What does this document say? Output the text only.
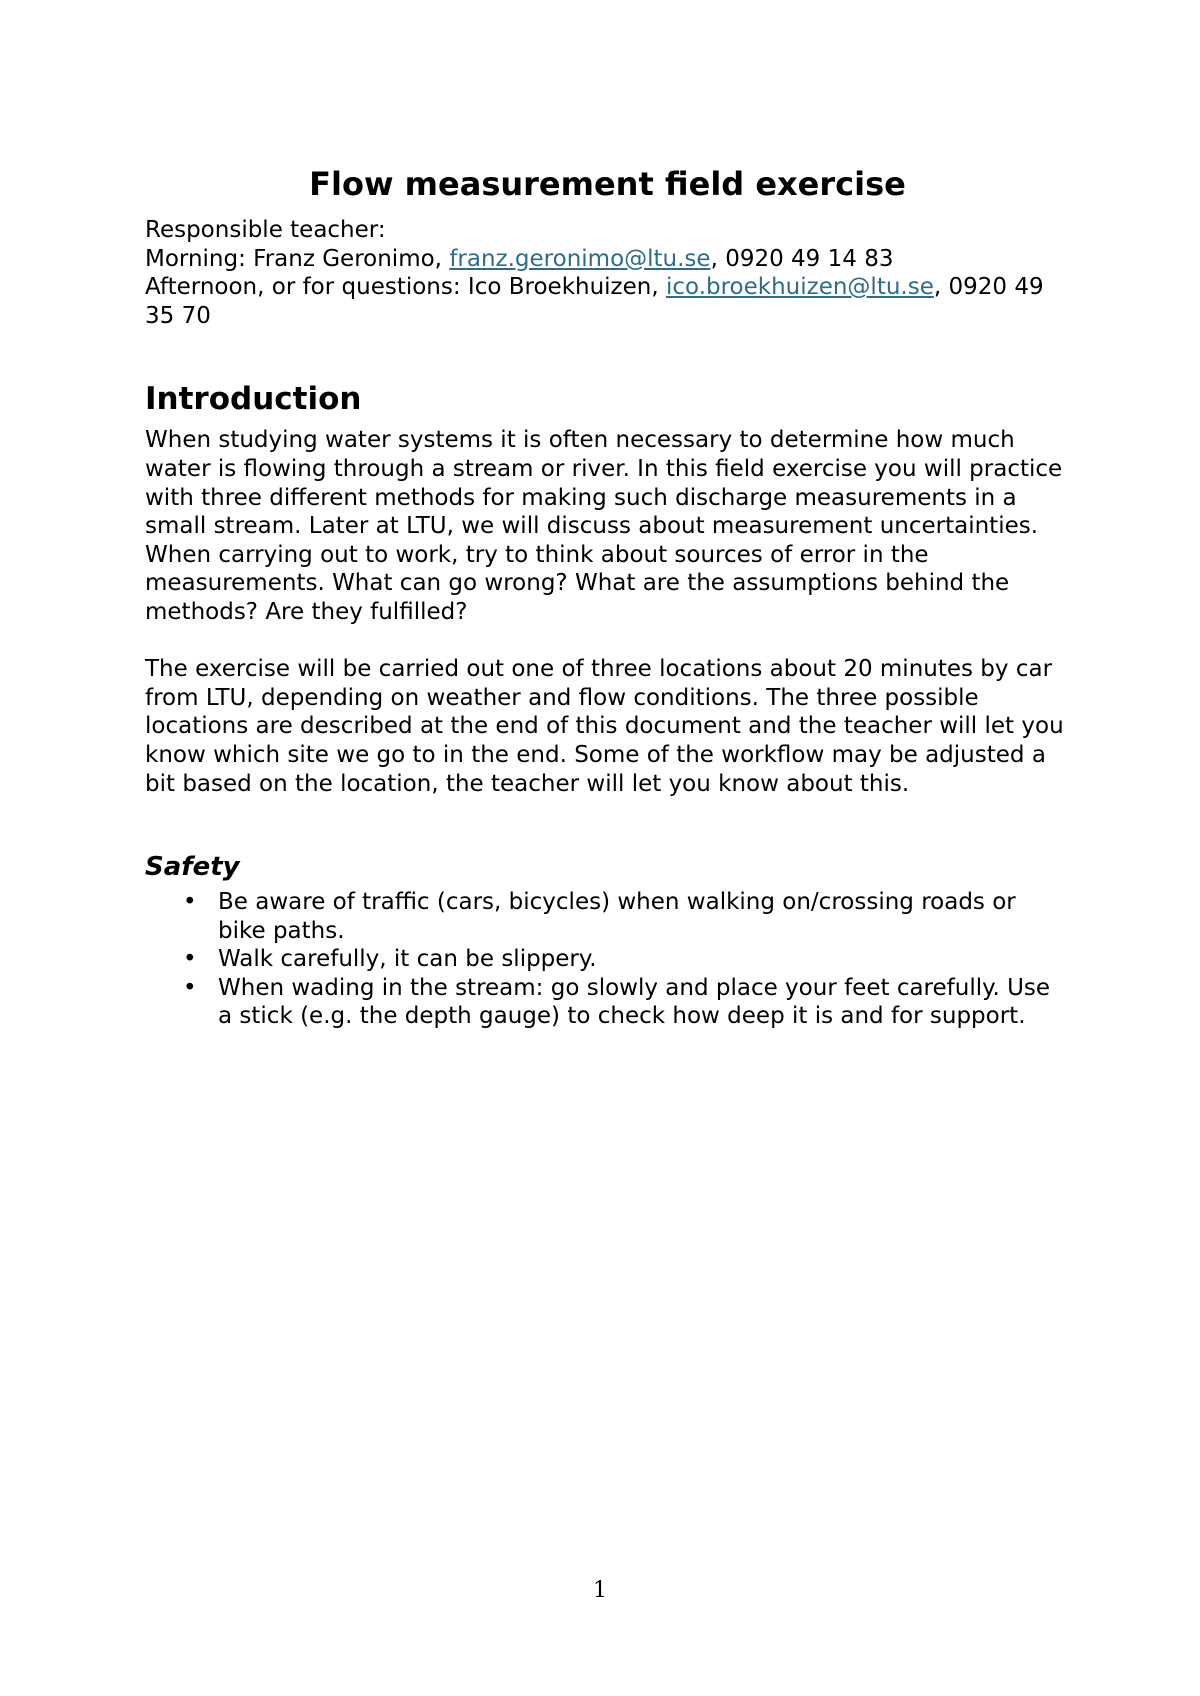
Flow measurement field exercise

Responsible teacher:

Morning: Franz Geronimo, franz.geronimo@ltu.se, 0920 49 14 83

Afternoon, or for questions: Ico Broekhuizen, ico.broekhuizen@ltu.se, 0920 49 35 70

Introduction

When studying water systems it is often necessary to determine how much water is flowing through a stream or river. In this field exercise you will practice with three different methods for making such discharge measurements in a small stream. Later at LTU, we will discuss about measurement uncertainties. When carrying out to work, try to think about sources of error in the measurements. What can go wrong? What are the assumptions behind the methods? Are they fulfilled?

The exercise will be carried out one of three locations about 20 minutes by car from LTU, depending on weather and flow conditions. The three possible locations are described at the end of this document and the teacher will let you know which site we go to in the end. Some of the workflow may be adjusted a bit based on the location, the teacher will let you know about this.

Safety
• Be aware of traffic (cars, bicycles) when walking on/crossing roads or bike paths.
• Walk carefully, it can be slippery.
• When wading in the stream: go slowly and place your feet carefully. Use a stick (e.g. the depth gauge) to check how deep it is and for support.
1
